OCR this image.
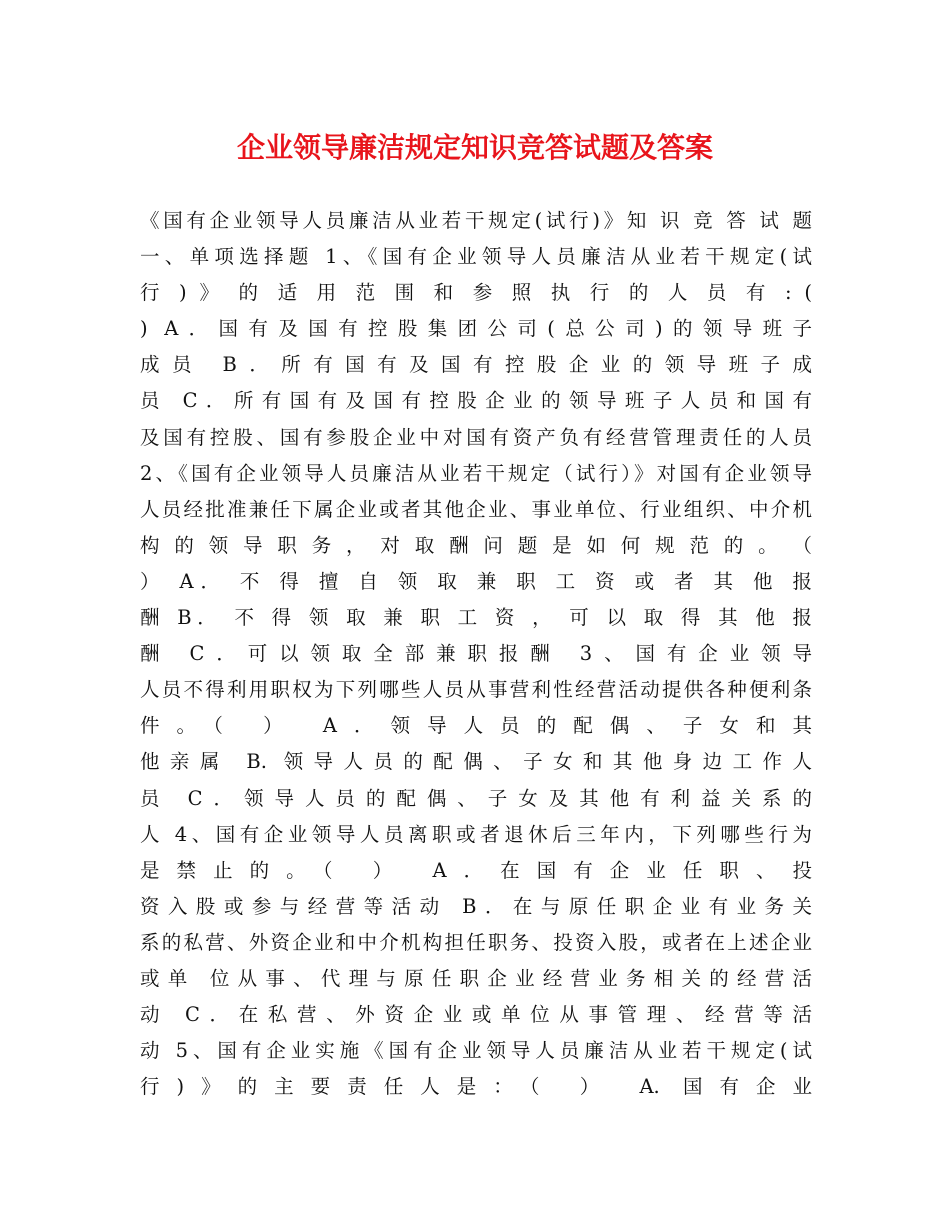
企业领导廉洁规定知识竞答试题及答案
《国有企业领导人员廉洁从业若干规定(试行)》知 识 竞 答 试 题
一、单项选择题 1、《国有企业领导人员廉洁从业若干规定(试
行 ) 》 的 适 用 范 围 和 参 照 执 行 的 人 员 有 : (
) A．国有及国有控股集团公司(总公司)的领导班子
成员 B．所有国有及国有控股企业的领导班子成
员 C．所有国有及国有控股企业的领导班子人员和国有
及国有控股、国有参股企业中对国有资产负有经营管理责任的人员
2、《国有企业领导人员廉洁从业若干规定（试行）》对国有企业领导
人员经批准兼任下属企业或者其他企业、事业单位、行业组织、中介机
构 的 领 导 职 务 ， 对 取 酬 问 题 是 如 何 规 范 的 。 （
） A． 不 得 擅 自 领 取 兼 职 工 资 或 者 其 他 报
酬 B． 不 得 领 取 兼 职 工 资 ， 可 以 取 得 其 他 报
酬 C．可以领取全部兼职报酬 3、国有企业领导
人员不得利用职权为下列哪些人员从事营利性经营活动提供各种便利条
件。（ ） A．领导人员的配偶、子女和其
他亲属 B. 领导人员的配偶、子女和其他身边工作人
员 C．领导人员的配偶、子女及其他有利益关系的
人 4、国有企业领导人员离职或者退休后三年内，下列哪些行为
是禁止的。（ ） A．在国有企业任职、投
资入股或参与经营等活动 B．在与原任职企业有业务关
系的私营、外资企业和中介机构担任职务、投资入股，或者在上述企业
或单 位从事、代理与原任职企业经营业务相关的经营活
动 C．在私营、外资企业或单位从事管理、经营等活
动 5、国有企业实施《国有企业领导人员廉洁从业若干规定(试
行)》的主要责任人是：（ ） A. 国有企业
